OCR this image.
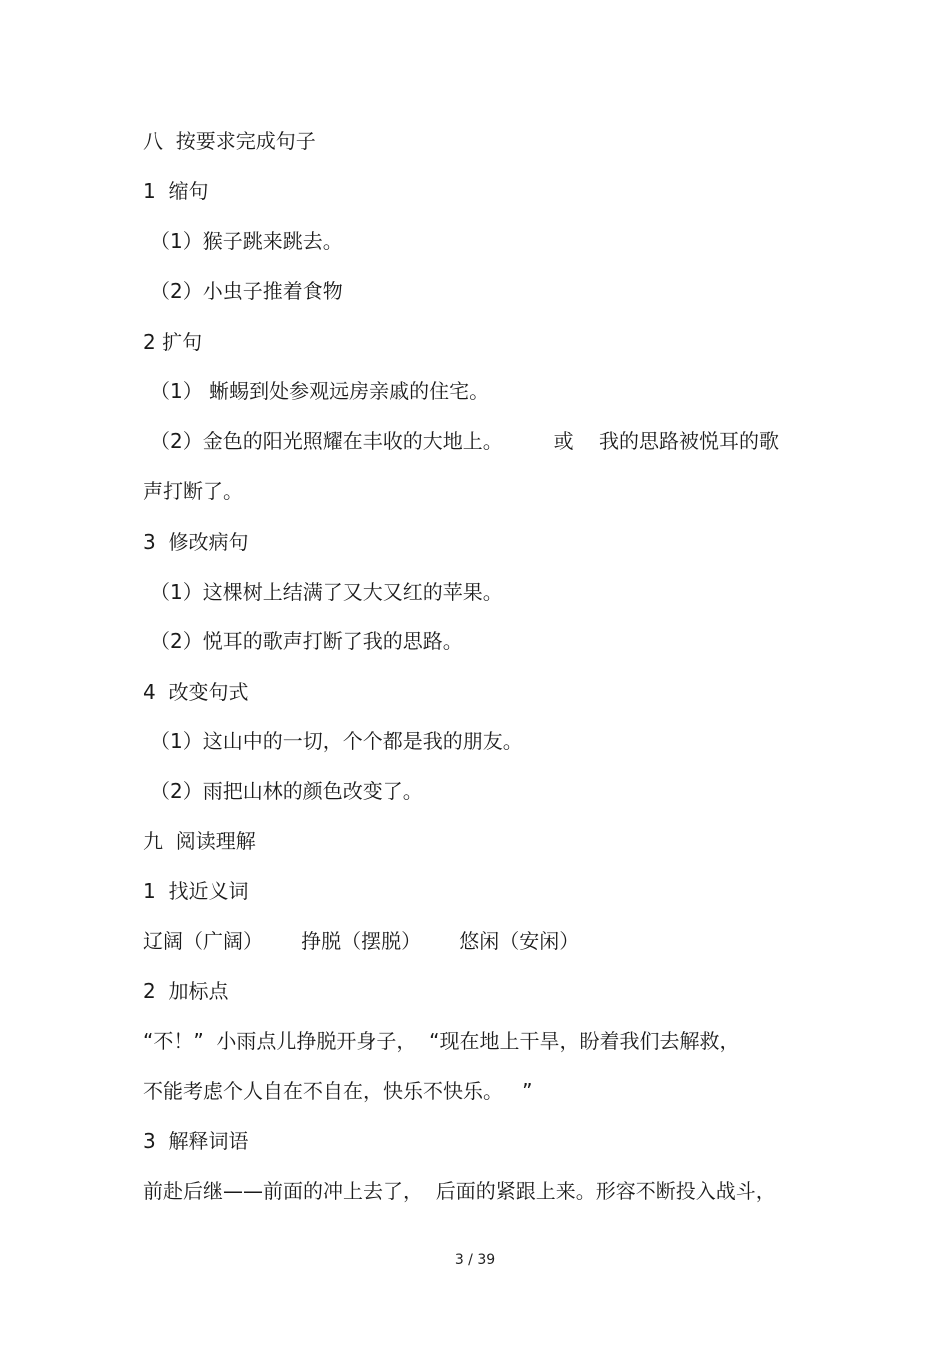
八  按要求完成句子

1  缩句

（1）猴子跳来跳去。

（2）小虫子推着食物

2 扩句

（1） 蜥蜴到处参观远房亲戚的住宅。

（2）金色的阳光照耀在丰收的大地上。        或    我的思路被悦耳的歌

声打断了。

3  修改病句

（1）这棵树上结满了又大又红的苹果。

（2）悦耳的歌声打断了我的思路。

4  改变句式

（1）这山中的一切，个个都是我的朋友。

（2）雨把山林的颜色改变了。

九  阅读理解

1  找近义词

辽阔（广阔）      挣脱（摆脱）      悠闲（安闲）

2  加标点

“不！”  小雨点儿挣脱开身子，  “现在地上干旱，盼着我们去解救，

不能考虑个人自在不自在，快乐不快乐。   ”

3  解释词语

前赴后继——前面的冲上去了，  后面的紧跟上来。形容不断投入战斗，

3 / 39
